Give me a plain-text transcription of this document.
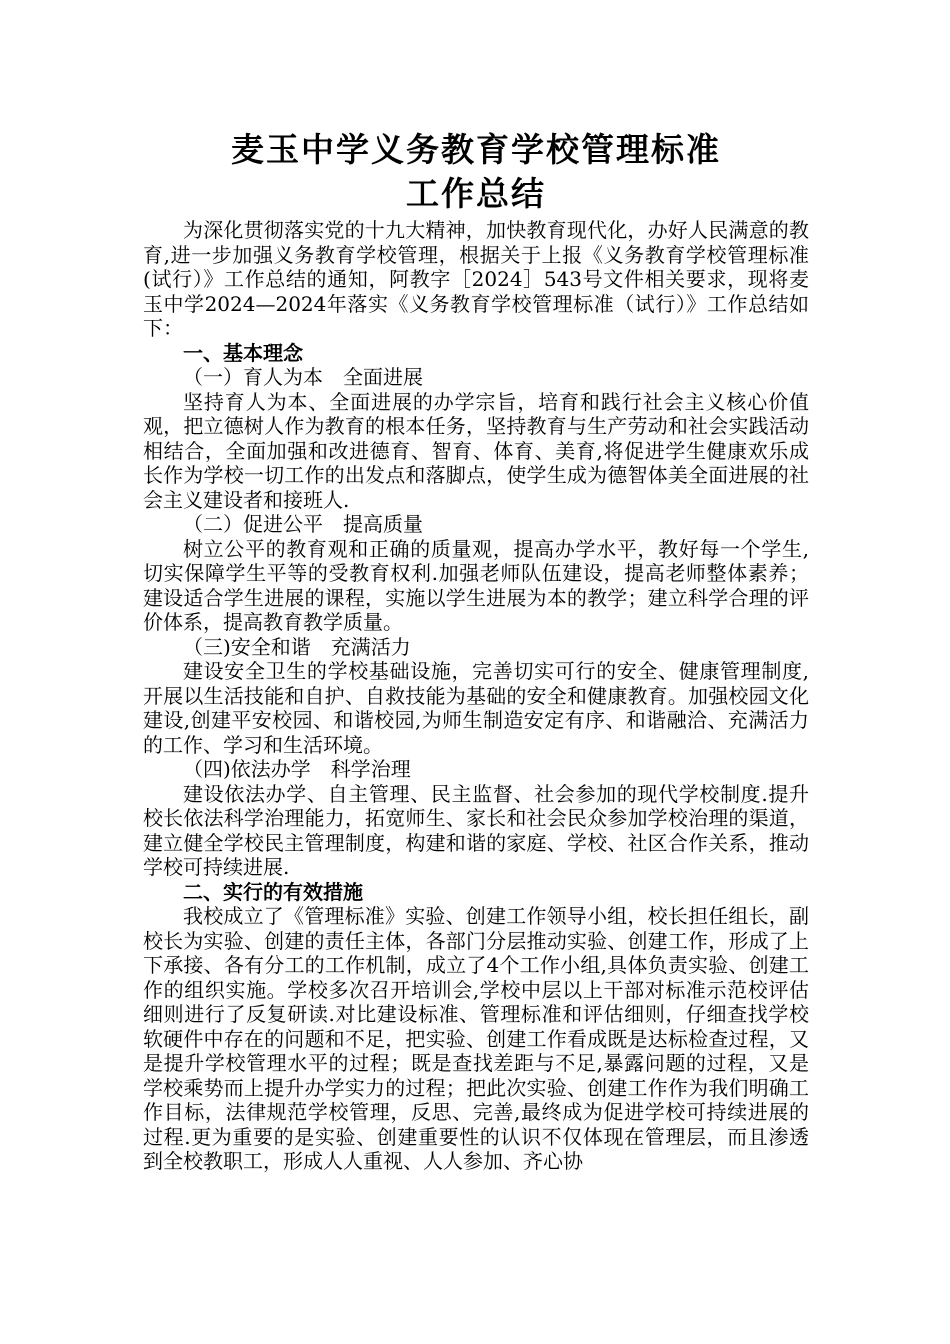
麦玉中学义务教育学校管理标准
工作总结

为深化贯彻落实党的十九大精神，加快教育现代化，办好人民满意的教育,进一步加强义务教育学校管理，根据关于上报《义务教育学校管理标准(试行）》工作总结的通知，阿教字［2024］543号文件相关要求，现将麦玉中学2024—2024年落实《义务教育学校管理标准（试行）》工作总结如下：

一、基本理念
（一）育人为本　全面进展

坚持育人为本、全面进展的办学宗旨，培育和践行社会主义核心价值观，把立德树人作为教育的根本任务，坚持教育与生产劳动和社会实践活动相结合，全面加强和改进德育、智育、体育、美育,将促进学生健康欢乐成长作为学校一切工作的出发点和落脚点，使学生成为德智体美全面进展的社会主义建设者和接班人.

（二）促进公平　提高质量

树立公平的教育观和正确的质量观，提高办学水平，教好每一个学生,切实保障学生平等的受教育权利.加强老师队伍建设，提高老师整体素养；建设适合学生进展的课程，实施以学生进展为本的教学；建立科学合理的评价体系，提高教育教学质量。

（三)安全和谐　充满活力

建设安全卫生的学校基础设施，完善切实可行的安全、健康管理制度,开展以生活技能和自护、自救技能为基础的安全和健康教育。加强校园文化建设,创建平安校园、和谐校园,为师生制造安定有序、和谐融洽、充满活力的工作、学习和生活环境。

（四)依法办学　科学治理

建设依法办学、自主管理、民主监督、社会参加的现代学校制度.提升校长依法科学治理能力，拓宽师生、家长和社会民众参加学校治理的渠道，建立健全学校民主管理制度，构建和谐的家庭、学校、社区合作关系，推动学校可持续进展.

二、实行的有效措施

我校成立了《管理标准》实验、创建工作领导小组，校长担任组长，副校长为实验、创建的责任主体，各部门分层推动实验、创建工作，形成了上下承接、各有分工的工作机制，成立了4个工作小组,具体负责实验、创建工作的组织实施。学校多次召开培训会,学校中层以上干部对标准示范校评估细则进行了反复研读.对比建设标准、管理标准和评估细则，仔细查找学校软硬件中存在的问题和不足，把实验、创建工作看成既是达标检查过程，又是提升学校管理水平的过程；既是查找差距与不足,暴露问题的过程，又是学校乘势而上提升办学实力的过程；把此次实验、创建工作作为我们明确工作目标，法律规范学校管理，反思、完善,最终成为促进学校可持续进展的过程.更为重要的是实验、创建重要性的认识不仅体现在管理层，而且渗透到全校教职工，形成人人重视、人人参加、齐心协
